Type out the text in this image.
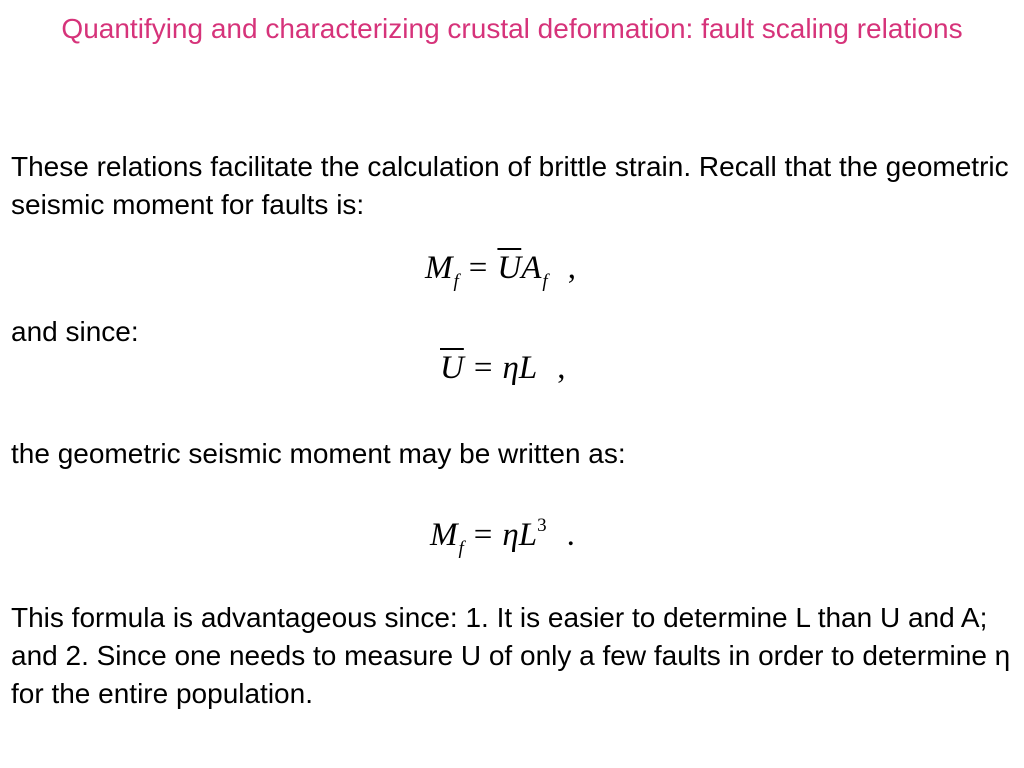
Quantifying and characterizing crustal deformation: fault scaling relations
These relations facilitate the calculation of brittle strain. Recall that the geometric seismic moment for faults is:
$M_f = \overline{U}A_f$ ,
and since:
$\overline{U} = \eta L$ ,
the geometric seismic moment may be written as:
$M_f = \eta L^3$ .
This formula is advantageous since: 1. It is easier to determine L than U and A; and 2. Since one needs to measure U of only a few faults in order to determine η for the entire population.
